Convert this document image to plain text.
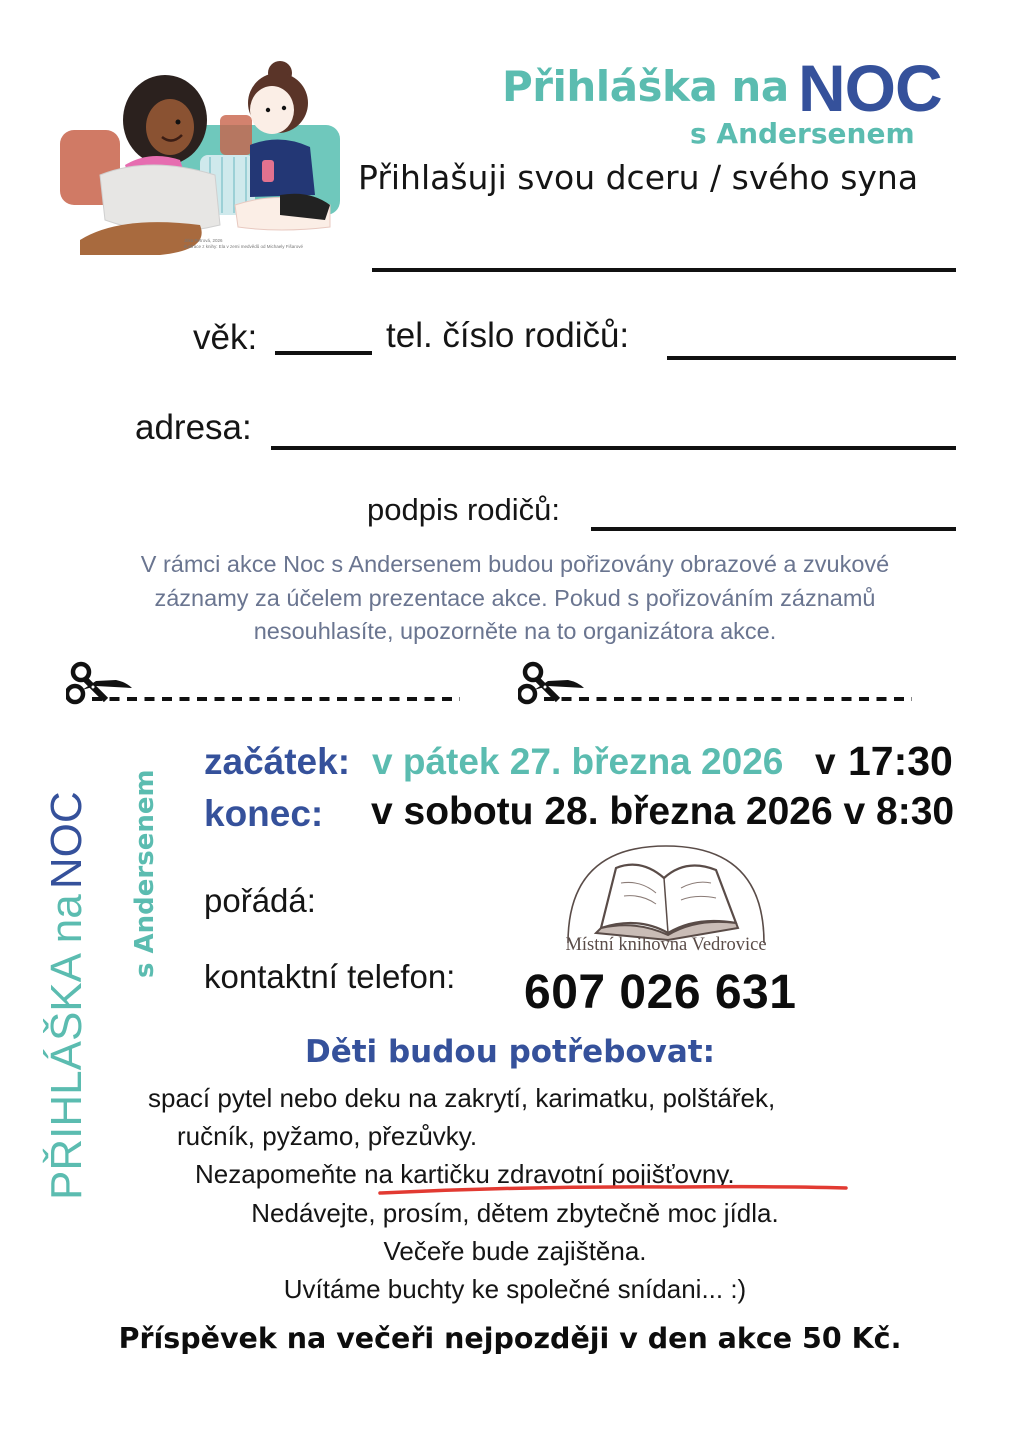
Jitka Petrová, 2026
Ilustrace z knihy: Ela v zemi medvědů od Michaely Fišarové
Přihláška na NOC
s Andersenem
Přihlašuji svou dceru / svého syna
věk:	tel. číslo rodičů:
adresa:
podpis rodičů:
V rámci akce Noc s Andersenem budou pořizovány obrazové a zvukové záznamy za účelem prezentace akce. Pokud s pořizováním záznamů nesouhlasíte, upozorněte na to organizátora akce.
PŘIHLÁŠKA na NOC s Andersenem
začátek: v pátek 27. března 2026 v 17:30
konec: v sobotu 28. března 2026 v 8:30
pořádá:
kontaktní telefon:
Místní knihovna Vedrovice
607 026 631
Děti budou potřebovat:
spací pytel nebo deku na zakrytí, karimatku, polštářek,
ručník, pyžamo, přezůvky.
Nezapomeňte na kartičku zdravotní pojišťovny.
Nedávejte, prosím, dětem zbytečně moc jídla.
Večeře bude zajištěna.
Uvítáme buchty ke společné snídani... :)
Příspěvek na večeři nejpozději v den akce 50 Kč.
